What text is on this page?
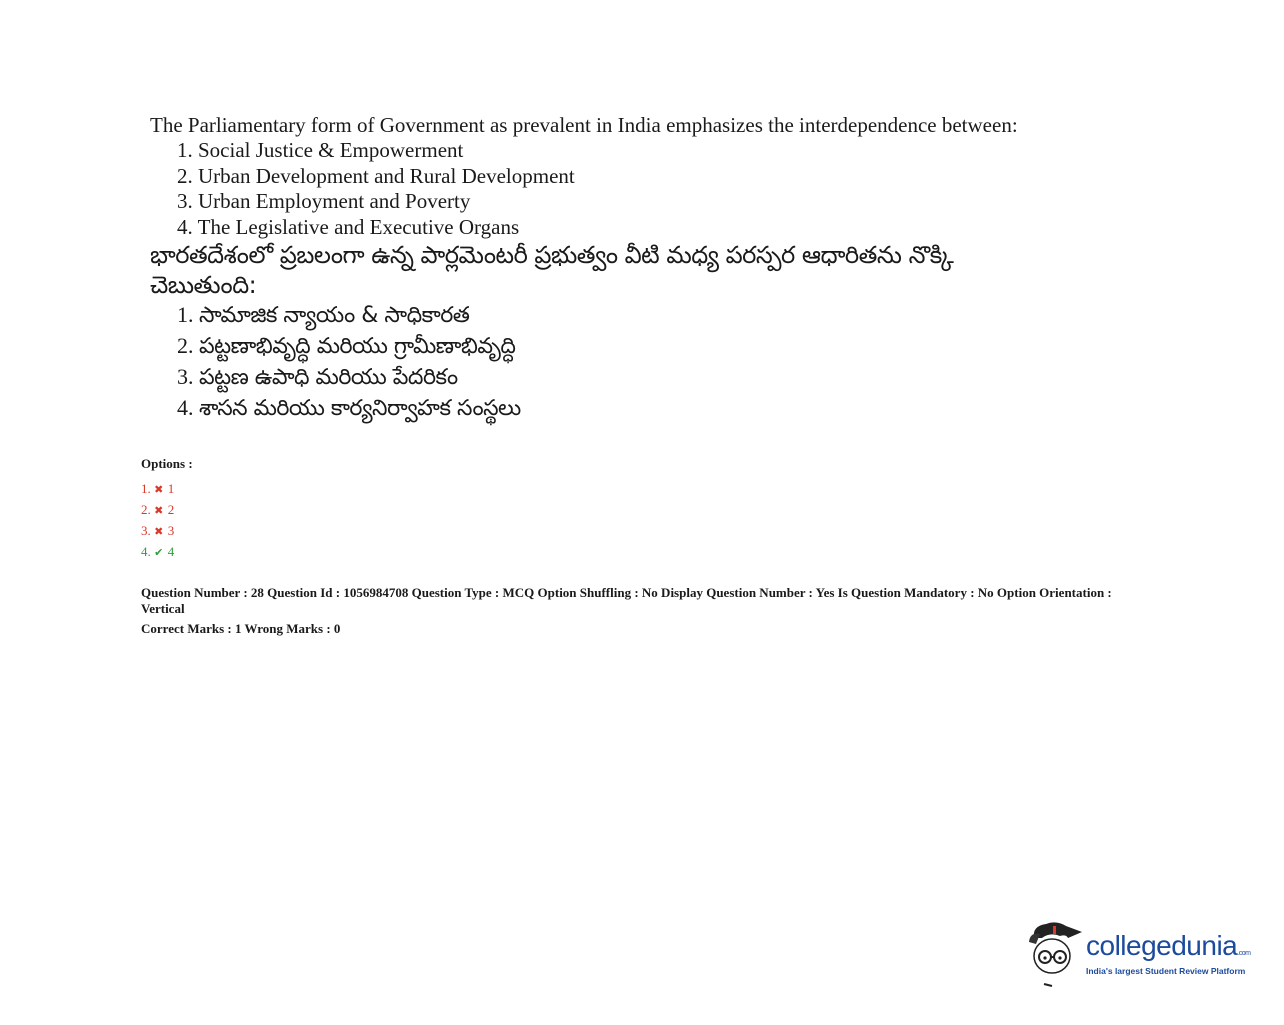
The Parliamentary form of Government as prevalent in India emphasizes the interdependence between:

1. Social Justice & Empowerment
2. Urban Development and Rural Development
3. Urban Employment and Poverty
4. The Legislative and Executive Organs

భారతదేశంలో ప్రబలంగా ఉన్న పార్లమెంటరీ ప్రభుత్వం వీటి మధ్య పరస్పర ఆధారితను నొక్కి చెబుతుంది:

1. సామాజిక న్యాయం & సాధికారత
2. పట్టణాభివృద్ధి మరియు గ్రామీణాభివృద్ధి
3. పట్టణ ఉపాధి మరియు పేదరికం
4. శాసన మరియు కార్యనిర్వాహక సంస్థలు

Options :

1. ✖ 1
2. ✖ 2
3. ✖ 3
4. ✔ 4

Question Number : 28 Question Id : 1056984708 Question Type : MCQ Option Shuffling : No Display Question Number : Yes Is Question Mandatory : No Option Orientation : Vertical

Correct Marks : 1 Wrong Marks : 0

collegedunia.com
India's largest Student Review Platform
